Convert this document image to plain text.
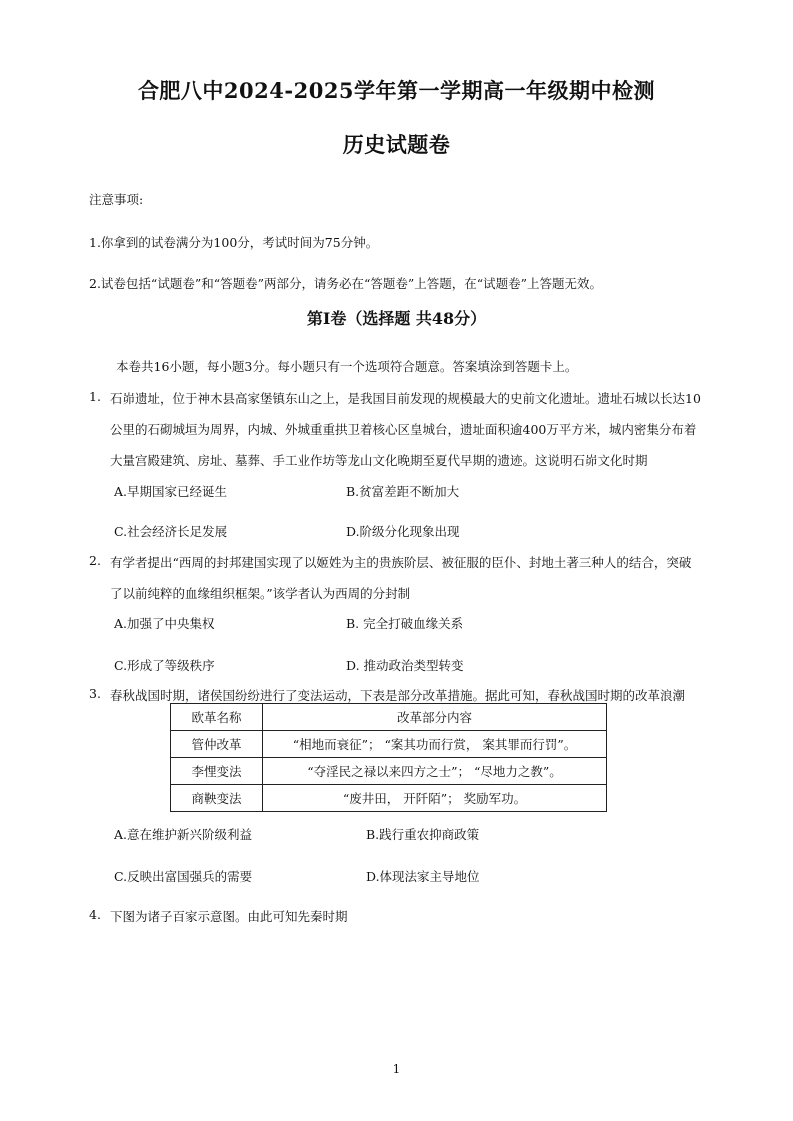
合肥八中2024-2025学年第一学期高一年级期中检测
历史试题卷
注意事项:
1.你拿到的试卷满分为100分，考试时间为75分钟。
2.试卷包括“试题卷”和“答题卷”两部分，请务必在“答题卷”上答题，在“试题卷”上答题无效。
第Ⅰ卷（选择题 共48分）
本卷共16小题，每小题3分。每小题只有一个选项符合题意。答案填涂到答题卡上。
1. 石峁遗址，位于神木县高家堡镇东山之上，是我国目前发现的规模最大的史前文化遗址。遗址石城以长达10
公里的石砌城垣为周界，内城、外城重重拱卫着核心区皇城台，遗址面积逾400万平方米，城内密集分布着
大量宫殿建筑、房址、墓葬、手工业作坊等龙山文化晚期至夏代早期的遗迹。这说明石峁文化时期
A.早期国家已经诞生	B.贫富差距不断加大
C.社会经济长足发展	D.阶级分化现象出现
2. 有学者提出“西周的封邦建国实现了以姬姓为主的贵族阶层、被征服的臣仆、封地土著三种人的结合，突破
了以前纯粹的血缘组织框架。”该学者认为西周的分封制
A.加强了中央集权	B. 完全打破血缘关系
C.形成了等级秩序	D. 推动政治类型转变
3. 春秋战国时期，诸侯国纷纷进行了变法运动，下表是部分改革措施。据此可知，春秋战国时期的改革浪潮
欧革名称	改革部分内容
管仲改革	“相地而衰征”； “案其功而行赏， 案其罪而行罚”。
李悝变法	“夺淫民之禄以来四方之士”； “尽地力之教”。
商鞅变法	“废井田， 开阡陌”； 奖励军功。
A.意在维护新兴阶级利益	B.践行重农抑商政策
C.反映出富国强兵的需要	D.体现法家主导地位
4. 下图为诸子百家示意图。由此可知先秦时期
1
